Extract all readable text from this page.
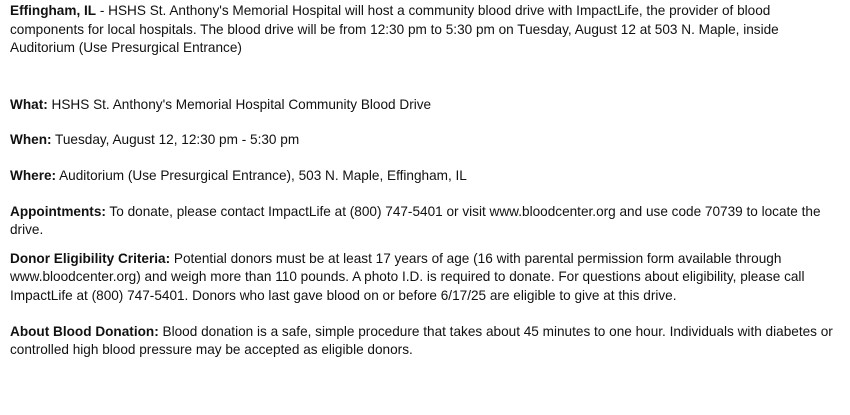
Effingham, IL - HSHS St. Anthony's Memorial Hospital will host a community blood drive with ImpactLife, the provider of blood components for local hospitals. The blood drive will be from 12:30 pm to 5:30 pm on Tuesday, August 12 at 503 N. Maple, inside Auditorium (Use Presurgical Entrance)

What: HSHS St. Anthony's Memorial Hospital Community Blood Drive

When: Tuesday, August 12, 12:30 pm - 5:30 pm

Where: Auditorium (Use Presurgical Entrance), 503 N. Maple, Effingham, IL

Appointments: To donate, please contact ImpactLife at (800) 747-5401 or visit www.bloodcenter.org and use code 70739 to locate the drive.

Donor Eligibility Criteria: Potential donors must be at least 17 years of age (16 with parental permission form available through www.bloodcenter.org) and weigh more than 110 pounds. A photo I.D. is required to donate. For questions about eligibility, please call ImpactLife at (800) 747-5401. Donors who last gave blood on or before 6/17/25 are eligible to give at this drive.

About Blood Donation: Blood donation is a safe, simple procedure that takes about 45 minutes to one hour. Individuals with diabetes or controlled high blood pressure may be accepted as eligible donors.
